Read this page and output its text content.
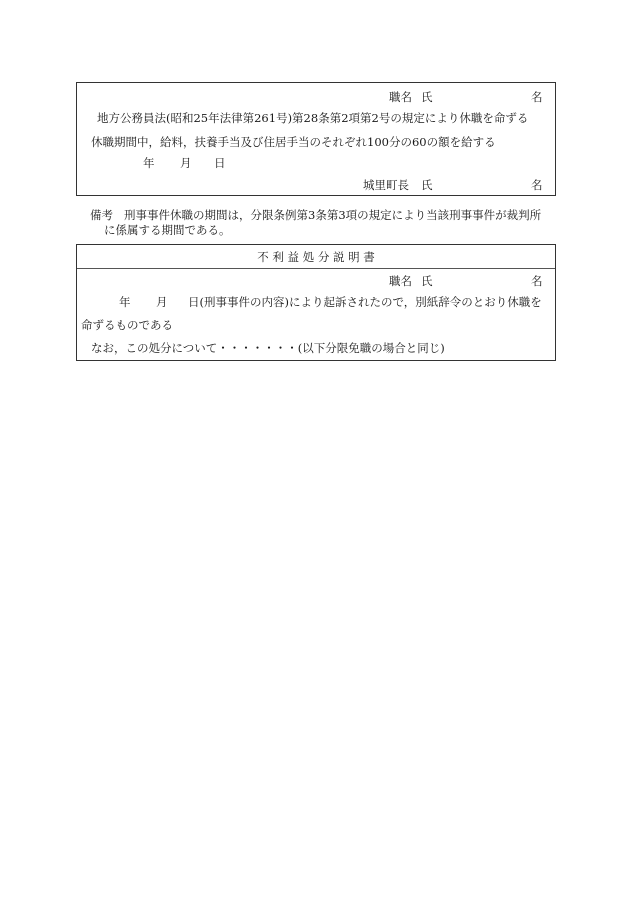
職名 氏	名
地方公務員法(昭和25年法律第261号)第28条第2項第2号の規定により休職を命ずる
休職期間中，給料，扶養手当及び住居手当のそれぞれ100分の60の額を給する
年 月 日
城里町長 氏	名
備考 刑事事件休職の期間は，分限条例第3条第3項の規定により当該刑事事件が裁判所
に係属する期間である。
不 利 益 処 分 説 明 書
職名 氏	名
年 月 日(刑事事件の内容)により起訴されたので，別紙辞令のとおり休職を
命ずるものである
なお，この処分について・・・・・・・(以下分限免職の場合と同じ)
